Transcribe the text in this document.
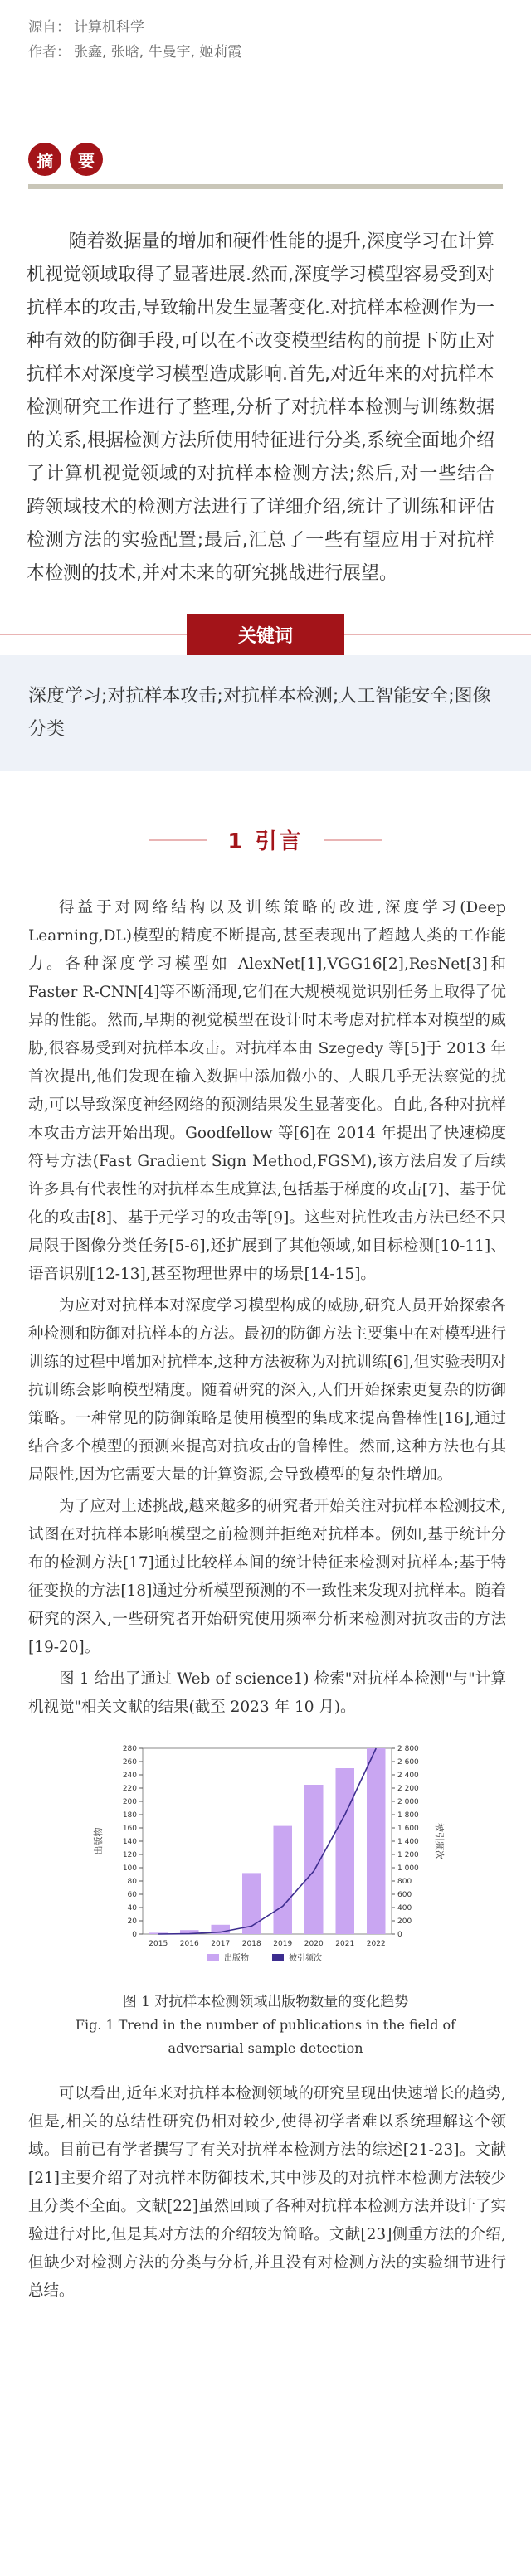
源自： 计算机科学
作者： 张鑫, 张晗, 牛曼宇, 姬莉霞
摘	要

随着数据量的增加和硬件性能的提升,深度学习在计算机视觉领域取得了显著进展.然而,深度学习模型容易受到对抗样本的攻击,导致输出发生显著变化.对抗样本检测作为一种有效的防御手段,可以在不改变模型结构的前提下防止对抗样本对深度学习模型造成影响.首先,对近年来的对抗样本检测研究工作进行了整理,分析了对抗样本检测与训练数据的关系,根据检测方法所使用特征进行分类,系统全面地介绍了计算机视觉领域的对抗样本检测方法;然后,对一些结合跨领域技术的检测方法进行了详细介绍,统计了训练和评估检测方法的实验配置;最后,汇总了一些有望应用于对抗样本检测的技术,并对未来的研究挑战进行展望。

关键词
深度学习;对抗样本攻击;对抗样本检测;人工智能安全;图像分类
1 引言

得益于对网络结构以及训练策略的改进,深度学习(Deep Learning,DL)模型的精度不断提高,甚至表现出了超越人类的工作能力。各种深度学习模型如 AlexNet[1],VGG16[2],ResNet[3]和 Faster R-CNN[4]等不断涌现,它们在大规模视觉识别任务上取得了优异的性能。然而,早期的视觉模型在设计时未考虑对抗样本对模型的威胁,很容易受到对抗样本攻击。对抗样本由 Szegedy 等[5]于 2013 年首次提出,他们发现在输入数据中添加微小的、人眼几乎无法察觉的扰动,可以导致深度神经网络的预测结果发生显著变化。自此,各种对抗样本攻击方法开始出现。Goodfellow 等[6]在 2014 年提出了快速梯度符号方法(Fast Gradient Sign Method,FGSM),该方法启发了后续许多具有代表性的对抗样本生成算法,包括基于梯度的攻击[7]、基于优化的攻击[8]、基于元学习的攻击等[9]。这些对抗性攻击方法已经不只局限于图像分类任务[5-6],还扩展到了其他领域,如目标检测[10-11]、语音识别[12-13],甚至物理世界中的场景[14-15]。

为应对对抗样本对深度学习模型构成的威胁,研究人员开始探索各种检测和防御对抗样本的方法。最初的防御方法主要集中在对模型进行训练的过程中增加对抗样本,这种方法被称为对抗训练[6],但实验表明对抗训练会影响模型精度。随着研究的深入,人们开始探索更复杂的防御策略。一种常见的防御策略是使用模型的集成来提高鲁棒性[16],通过结合多个模型的预测来提高对抗攻击的鲁棒性。然而,这种方法也有其局限性,因为它需要大量的计算资源,会导致模型的复杂性增加。

为了应对上述挑战,越来越多的研究者开始关注对抗样本检测技术,试图在对抗样本影响模型之前检测并拒绝对抗样本。例如,基于统计分布的检测方法[17]通过比较样本间的统计特征来检测对抗样本;基于特征变换的方法[18]通过分析模型预测的不一致性来发现对抗样本。随着研究的深入,一些研究者开始研究使用频率分析来检测对抗攻击的方法[19-20]。

图 1 给出了通过 Web of science1) 检索"对抗样本检测"与"计算机视觉"相关文献的结果(截至 2023 年 10 月)。

0
20
40
60
80
100
120
140
160
180
200
220
240
260
280
0
200
400
600
800
1 000
1 200
1 400
1 600
1 800
2 000
2 200
2 400
2 600
2 800
出版物	被引频次
2015 2016 2017 2018 2019 2020 2021 2022
出版物	被引频次
图 1 对抗样本检测领域出版物数量的变化趋势
Fig. 1 Trend in the number of publications in the field of adversarial sample detection

可以看出,近年来对抗样本检测领域的研究呈现出快速增长的趋势,但是,相关的总结性研究仍相对较少,使得初学者难以系统理解这个领域。目前已有学者撰写了有关对抗样本检测方法的综述[21-23]。文献[21]主要介绍了对抗样本防御技术,其中涉及的对抗样本检测方法较少且分类不全面。文献[22]虽然回顾了各种对抗样本检测方法并设计了实验进行对比,但是其对方法的介绍较为简略。文献[23]侧重方法的介绍,但缺少对检测方法的分类与分析,并且没有对检测方法的实验细节进行总结。
